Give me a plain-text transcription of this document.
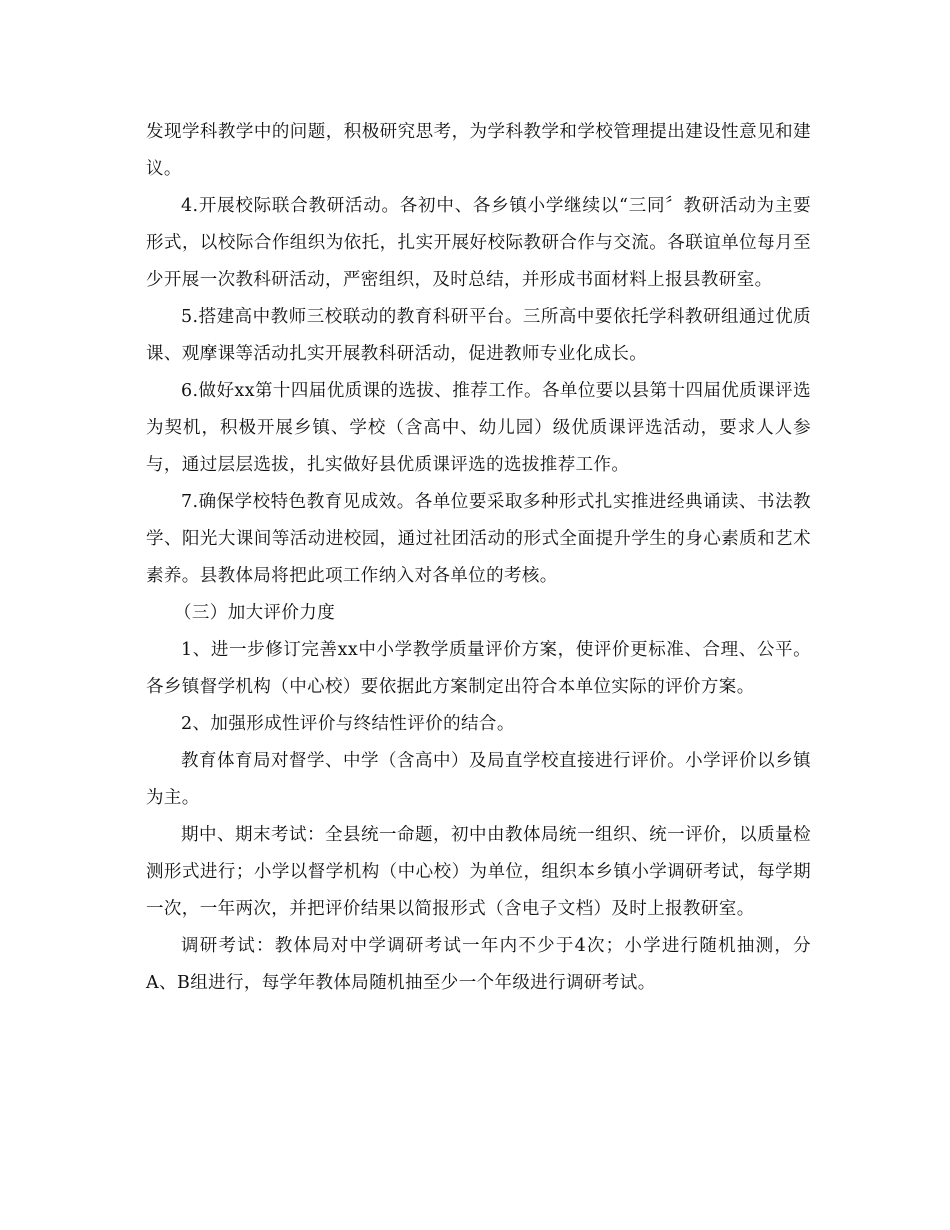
发现学科教学中的问题，积极研究思考，为学科教学和学校管理提出建设性意见和建议。

4.开展校际联合教研活动。各初中、各乡镇小学继续以“三同〞教研活动为主要形式，以校际合作组织为依托，扎实开展好校际教研合作与交流。各联谊单位每月至少开展一次教科研活动，严密组织，及时总结，并形成书面材料上报县教研室。

5.搭建高中教师三校联动的教育科研平台。三所高中要依托学科教研组通过优质课、观摩课等活动扎实开展教科研活动，促进教师专业化成长。

6.做好xx第十四届优质课的选拔、推荐工作。各单位要以县第十四届优质课评选为契机，积极开展乡镇、学校（含高中、幼儿园）级优质课评选活动，要求人人参与，通过层层选拔，扎实做好县优质课评选的选拔推荐工作。

7.确保学校特色教育见成效。各单位要采取多种形式扎实推进经典诵读、书法教学、阳光大课间等活动进校园，通过社团活动的形式全面提升学生的身心素质和艺术素养。县教体局将把此项工作纳入对各单位的考核。

（三）加大评价力度

1、进一步修订完善xx中小学教学质量评价方案，使评价更标准、合理、公平。各乡镇督学机构（中心校）要依据此方案制定出符合本单位实际的评价方案。

2、加强形成性评价与终结性评价的结合。

教育体育局对督学、中学（含高中）及局直学校直接进行评价。小学评价以乡镇为主。

期中、期末考试：全县统一命题，初中由教体局统一组织、统一评价，以质量检测形式进行；小学以督学机构（中心校）为单位，组织本乡镇小学调研考试，每学期一次，一年两次，并把评价结果以简报形式（含电子文档）及时上报教研室。

调研考试：教体局对中学调研考试一年内不少于4次；小学进行随机抽测，分A、B组进行，每学年教体局随机抽至少一个年级进行调研考试。
